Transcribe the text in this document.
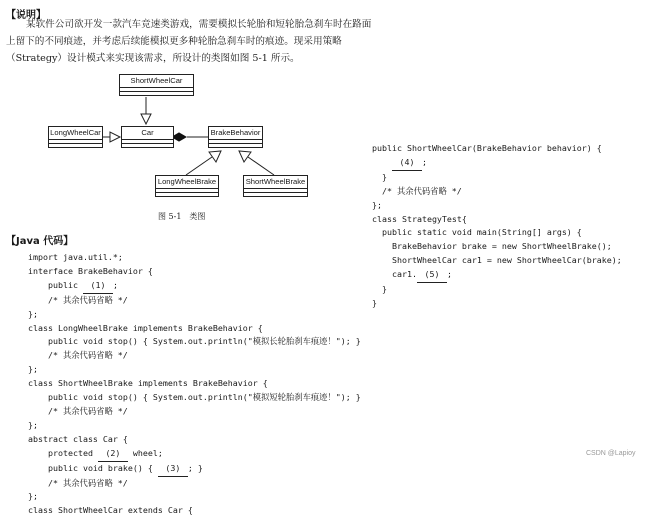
【说明】
某软件公司欲开发一款汽车竞速类游戏，需要模拟长轮胎和短轮胎急刹车时在路面
上留下的不同痕迹，并考虑后续能模拟更多种轮胎急刹车时的痕迹。现采用策略
（Strategy）设计模式来实现该需求，所设计的类图如图 5-1 所示。
ShortWheelCar
LongWheelCar	Car	BrakeBehavior
LongWheelBrake	ShortWheelBrake
图 5-1　类图
【Java 代码】
import java.util.*;
interface BrakeBehavior {
public (1) ;
/* 其余代码省略 */
};
class LongWheelBrake implements BrakeBehavior {
public void stop() { System.out.println("模拟长轮胎刹车痕迹！"); }
/* 其余代码省略 */
};
class ShortWheelBrake implements BrakeBehavior {
public void stop() { System.out.println("模拟短轮胎刹车痕迹！"); }
/* 其余代码省略 */
};
abstract class Car {
protected (2) wheel;
public void brake() { (3) ; }
/* 其余代码省略 */
};
class ShortWheelCar extends Car {
public ShortWheelCar(BrakeBehavior behavior) {
(4) ;
}
/* 其余代码省略 */
};
class StrategyTest{
public static void main(String[] args) {
BrakeBehavior brake = new ShortWheelBrake();
ShortWheelCar car1 = new ShortWheelCar(brake);
car1. (5) ;
}
}
CSDN @Lapioy
